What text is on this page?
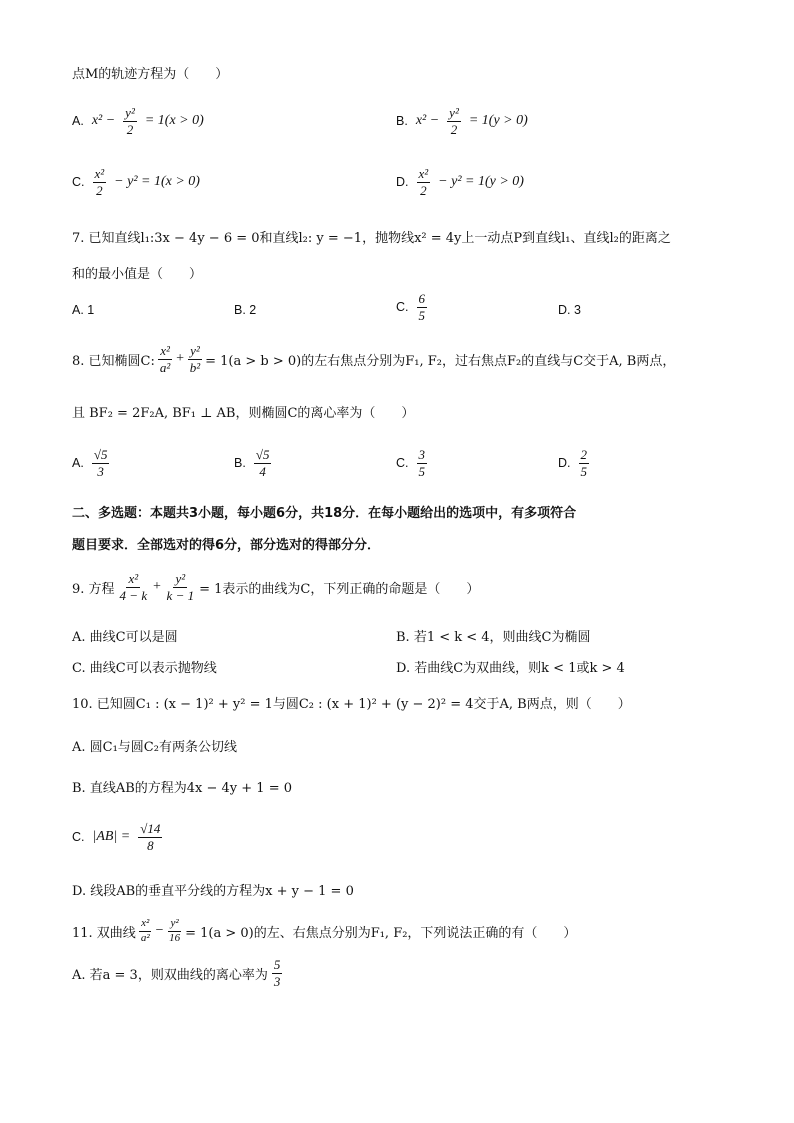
点M的轨迹方程为（　　）
A. $x^2 - \frac{\text{y²}}{2} = 1(x > 0)$	B. $x^2 - \frac{\text{y²}}{2} = 1(y > 0)$
C. $\frac{\text{x²}}{2} - y^2 = 1(x > 0)$	D. $\frac{\text{x²}}{2} - y^2 = 1(y > 0)$
7. 已知直线l₁:3x − 4y − 6 = 0和直线l₂: y = −1，抛物线x² = 4y上一动点P到直线l₁、直线l₂的距离之
和的最小值是（　　）
A. 1	B. 2	C. $\frac{6}{5}$	D. 3
8. 已知椭圆C: $\frac{\text{x²}}{\text{a²}} + \frac{\text{y²}}{\text{b²}} = 1(a > b > 0)$的左右焦点分别为F₁, F₂，过右焦点F₂的直线与C交于A, B两点，
且 BF₂ = 2F₂A, BF₁ ⊥ AB，则椭圆C的离心率为（　　）
A. $\frac{√5}{3}$	B. $\frac{√5}{4}$	C. $\frac{3}{5}$	D. $\frac{2}{5}$
二、多选题：本题共3小题，每小题6分，共18分．在每小题给出的选项中，有多项符合
题目要求．全部选对的得6分，部分选对的得部分分．
9. 方程 $\frac{\text{x²}}{4 - k} + \frac{\text{y²}}{k - 1} = 1$表示的曲线为C，下列正确的命题是（　　）
A. 曲线C可以是圆	B. 若1 < k < 4，则曲线C为椭圆
C. 曲线C可以表示抛物线	D. 若曲线C为双曲线，则k < 1或k > 4
10. 已知圆C₁ : (x − 1)² + y² = 1与圆C₂ : (x + 1)² + (y − 2)² = 4交于A, B两点，则（　　）
A. 圆C₁与圆C₂有两条公切线
B. 直线AB的方程为4x − 4y + 1 = 0
C. $|AB| = \frac{√14}{8}$
D. 线段AB的垂直平分线的方程为x + y − 1 = 0
11. 双曲线 $\frac{\text{x²}}{\text{a²}} - \frac{\text{y²}}{16} = 1(a > 0)$的左、右焦点分别为F₁, F₂，下列说法正确的有（　　）
A. 若a = 3，则双曲线的离心率为 $\frac{5}{3}$
